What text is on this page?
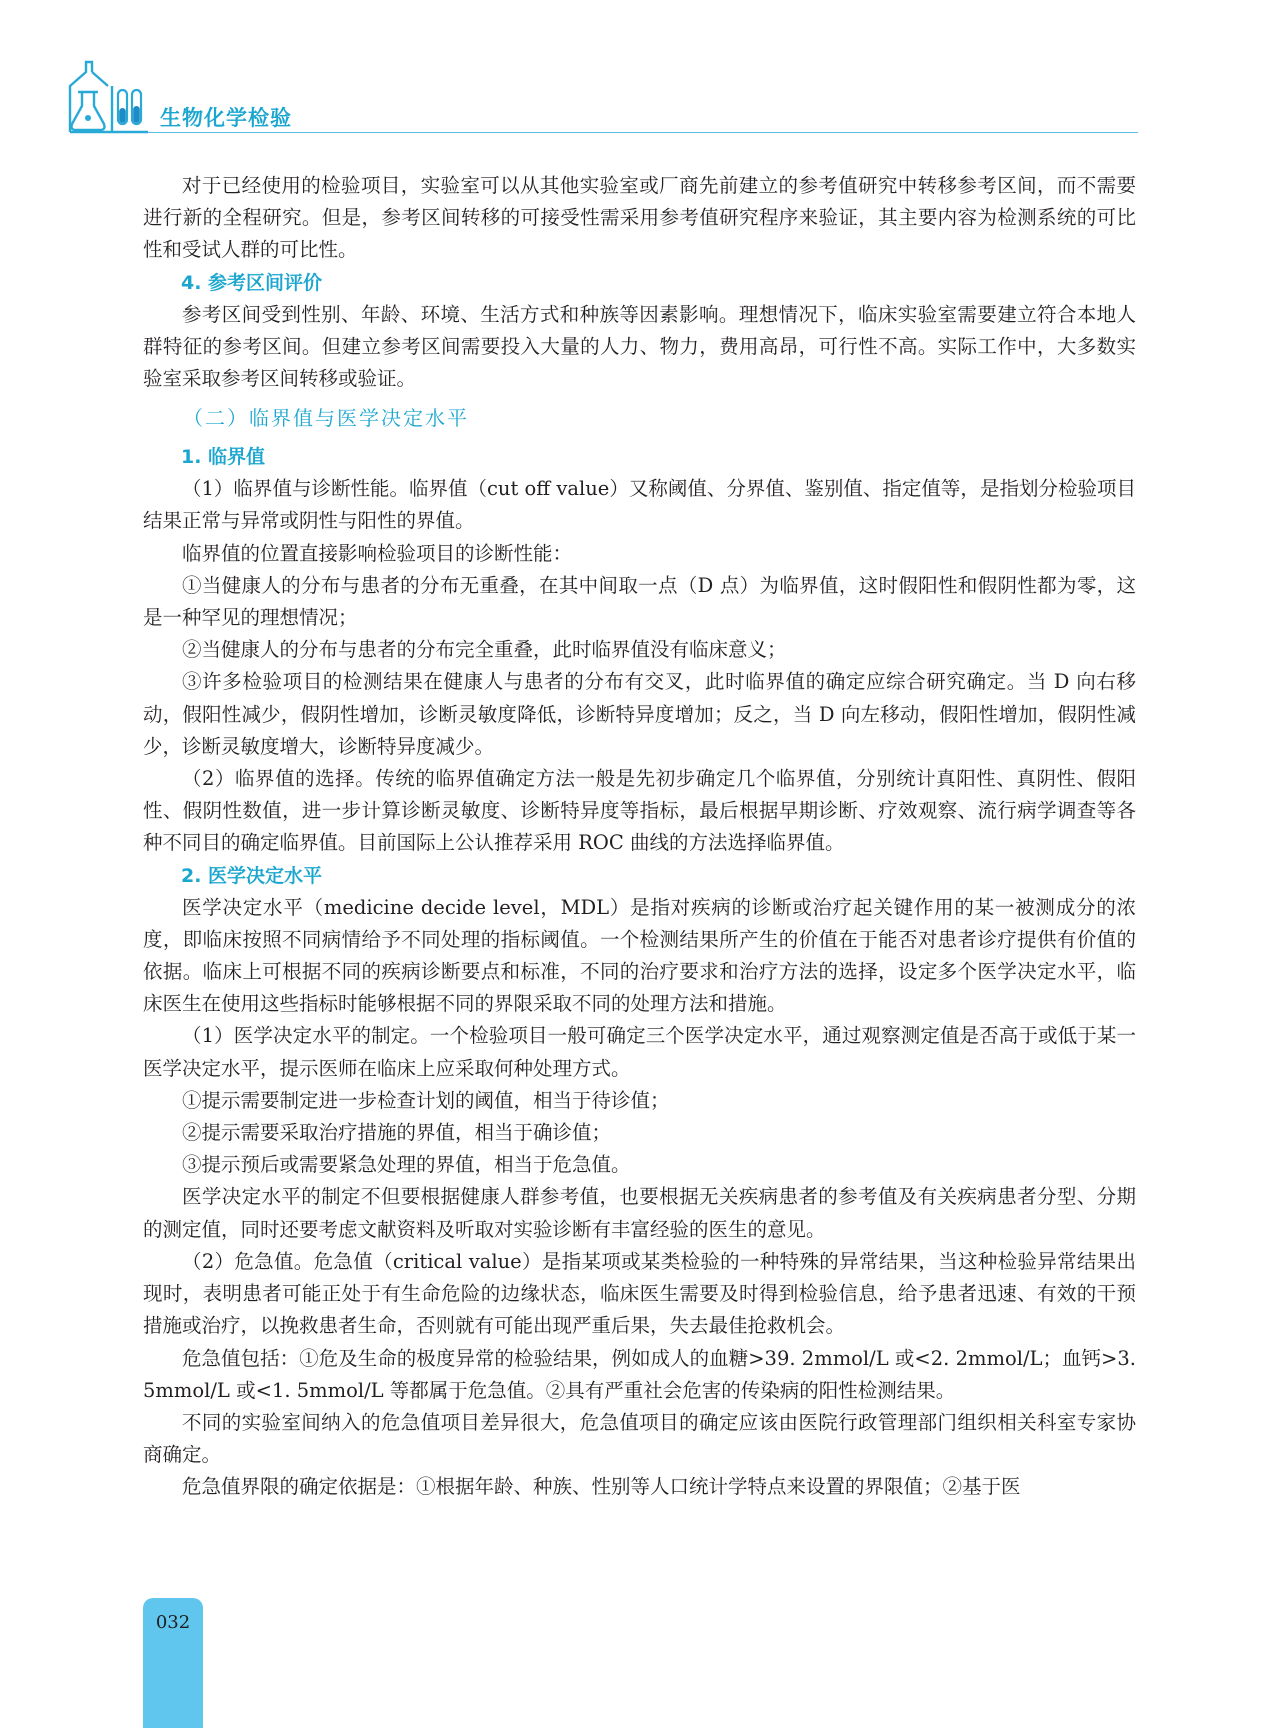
生物化学检验

对于已经使用的检验项目，实验室可以从其他实验室或厂商先前建立的参考值研究中转移参考区间，而不需要进行新的全程研究。但是，参考区间转移的可接受性需采用参考值研究程序来验证，其主要内容为检测系统的可比性和受试人群的可比性。

4. 参考区间评价

参考区间受到性别、年龄、环境、生活方式和种族等因素影响。理想情况下，临床实验室需要建立符合本地人群特征的参考区间。但建立参考区间需要投入大量的人力、物力，费用高昂，可行性不高。实际工作中，大多数实验室采取参考区间转移或验证。

（二）临界值与医学决定水平
1. 临界值

（1）临界值与诊断性能。临界值（cut off value）又称阈值、分界值、鉴别值、指定值等，是指划分检验项目结果正常与异常或阴性与阳性的界值。

临界值的位置直接影响检验项目的诊断性能：

①当健康人的分布与患者的分布无重叠，在其中间取一点（D 点）为临界值，这时假阳性和假阴性都为零，这是一种罕见的理想情况；

②当健康人的分布与患者的分布完全重叠，此时临界值没有临床意义；

③许多检验项目的检测结果在健康人与患者的分布有交叉，此时临界值的确定应综合研究确定。当 D 向右移动，假阳性减少，假阴性增加，诊断灵敏度降低，诊断特异度增加；反之，当 D 向左移动，假阳性增加，假阴性减少，诊断灵敏度增大，诊断特异度减少。

（2）临界值的选择。传统的临界值确定方法一般是先初步确定几个临界值，分别统计真阳性、真阴性、假阳性、假阴性数值，进一步计算诊断灵敏度、诊断特异度等指标，最后根据早期诊断、疗效观察、流行病学调查等各种不同目的确定临界值。目前国际上公认推荐采用 ROC 曲线的方法选择临界值。

2. 医学决定水平

医学决定水平（medicine decide level，MDL）是指对疾病的诊断或治疗起关键作用的某一被测成分的浓度，即临床按照不同病情给予不同处理的指标阈值。一个检测结果所产生的价值在于能否对患者诊疗提供有价值的依据。临床上可根据不同的疾病诊断要点和标准，不同的治疗要求和治疗方法的选择，设定多个医学决定水平，临床医生在使用这些指标时能够根据不同的界限采取不同的处理方法和措施。

（1）医学决定水平的制定。一个检验项目一般可确定三个医学决定水平，通过观察测定值是否高于或低于某一医学决定水平，提示医师在临床上应采取何种处理方式。

①提示需要制定进一步检查计划的阈值，相当于待诊值；

②提示需要采取治疗措施的界值，相当于确诊值；

③提示预后或需要紧急处理的界值，相当于危急值。

医学决定水平的制定不但要根据健康人群参考值，也要根据无关疾病患者的参考值及有关疾病患者分型、分期的测定值，同时还要考虑文献资料及听取对实验诊断有丰富经验的医生的意见。

（2）危急值。危急值（critical value）是指某项或某类检验的一种特殊的异常结果，当这种检验异常结果出现时，表明患者可能正处于有生命危险的边缘状态，临床医生需要及时得到检验信息，给予患者迅速、有效的干预措施或治疗，以挽救患者生命，否则就有可能出现严重后果，失去最佳抢救机会。

危急值包括：①危及生命的极度异常的检验结果，例如成人的血糖>39. 2mmol/L 或<2. 2mmol/L；血钙>3. 5mmol/L 或<1. 5mmol/L 等都属于危急值。②具有严重社会危害的传染病的阳性检测结果。

不同的实验室间纳入的危急值项目差异很大，危急值项目的确定应该由医院行政管理部门组织相关科室专家协商确定。

危急值界限的确定依据是：①根据年龄、种族、性别等人口统计学特点来设置的界限值；②基于医

032
